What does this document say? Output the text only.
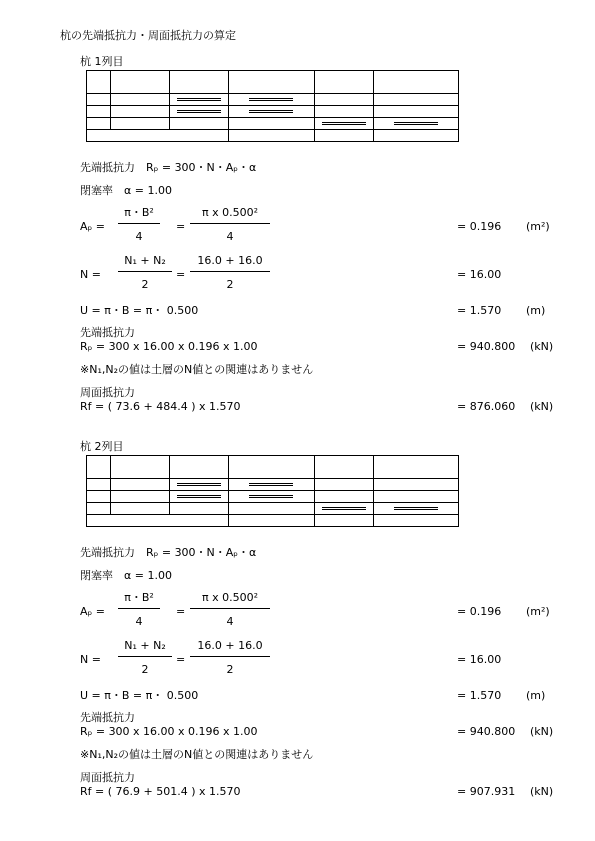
杭の先端抵抗力・周面抵抗力の算定
杭 1列目

先端抵抗力　Rₚ = 300・N・Aₚ・α
閉塞率　α = 1.00
Aₚ =
π・B²
4
=
π x 0.500²
4
= 0.196 (m²)
N =
N₁ + N₂
2
=
16.0 + 16.0
2
= 16.00
U = π・B = π・ 0.500	= 1.570 (m)
先端抵抗力
Rₚ = 300 x 16.00 x 0.196 x 1.00	= 940.800 (kN)
※N₁,N₂の値は土層のN値との関連はありません
周面抵抗力
Rf = ( 73.6 + 484.4 ) x 1.570	= 876.060 (kN)
杭 2列目

先端抵抗力　Rₚ = 300・N・Aₚ・α
閉塞率　α = 1.00
Aₚ =
π・B²
4
=
π x 0.500²
4
= 0.196 (m²)
N =
N₁ + N₂
2
=
16.0 + 16.0
2
= 16.00
U = π・B = π・ 0.500	= 1.570 (m)
先端抵抗力
Rₚ = 300 x 16.00 x 0.196 x 1.00	= 940.800 (kN)
※N₁,N₂の値は土層のN値との関連はありません
周面抵抗力
Rf = ( 76.9 + 501.4 ) x 1.570	= 907.931 (kN)
